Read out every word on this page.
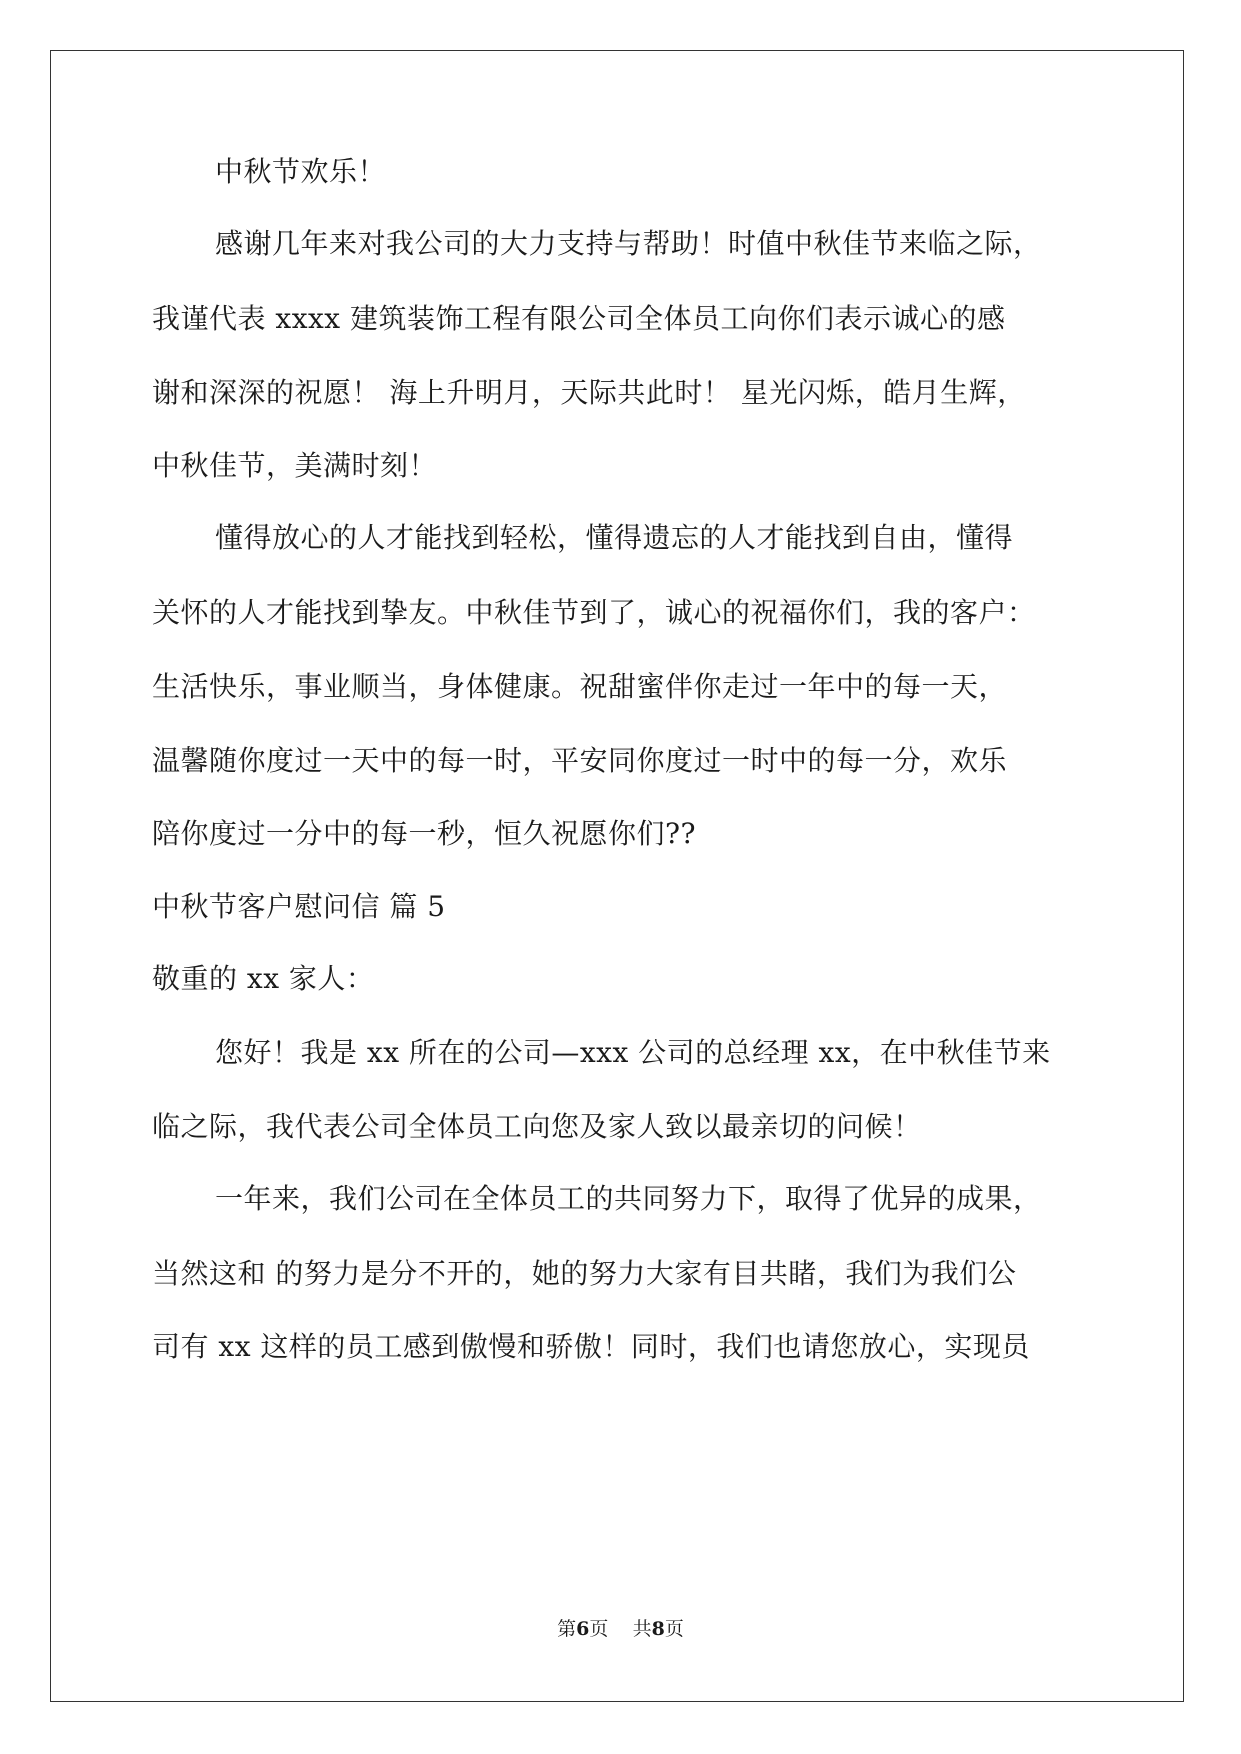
中秋节欢乐！
感谢几年来对我公司的大力支持与帮助！时值中秋佳节来临之际，
我谨代表 xxxx 建筑装饰工程有限公司全体员工向你们表示诚心的感
谢和深深的祝愿！ 海上升明月，天际共此时！ 星光闪烁，皓月生辉，
中秋佳节，美满时刻！
懂得放心的人才能找到轻松，懂得遗忘的人才能找到自由，懂得
关怀的人才能找到挚友。中秋佳节到了，诚心的祝福你们，我的客户：
生活快乐，事业顺当，身体健康。祝甜蜜伴你走过一年中的每一天，
温馨随你度过一天中的每一时，平安同你度过一时中的每一分，欢乐
陪你度过一分中的每一秒，恒久祝愿你们??
中秋节客户慰问信 篇 5
敬重的 xx 家人：
您好！我是 xx 所在的公司—xxx 公司的总经理 xx，在中秋佳节来
临之际，我代表公司全体员工向您及家人致以最亲切的问候！
一年来，我们公司在全体员工的共同努力下，取得了优异的成果，
当然这和 的努力是分不开的，她的努力大家有目共睹，我们为我们公
司有 xx 这样的员工感到傲慢和骄傲！同时，我们也请您放心，实现员
第6页    共8页
